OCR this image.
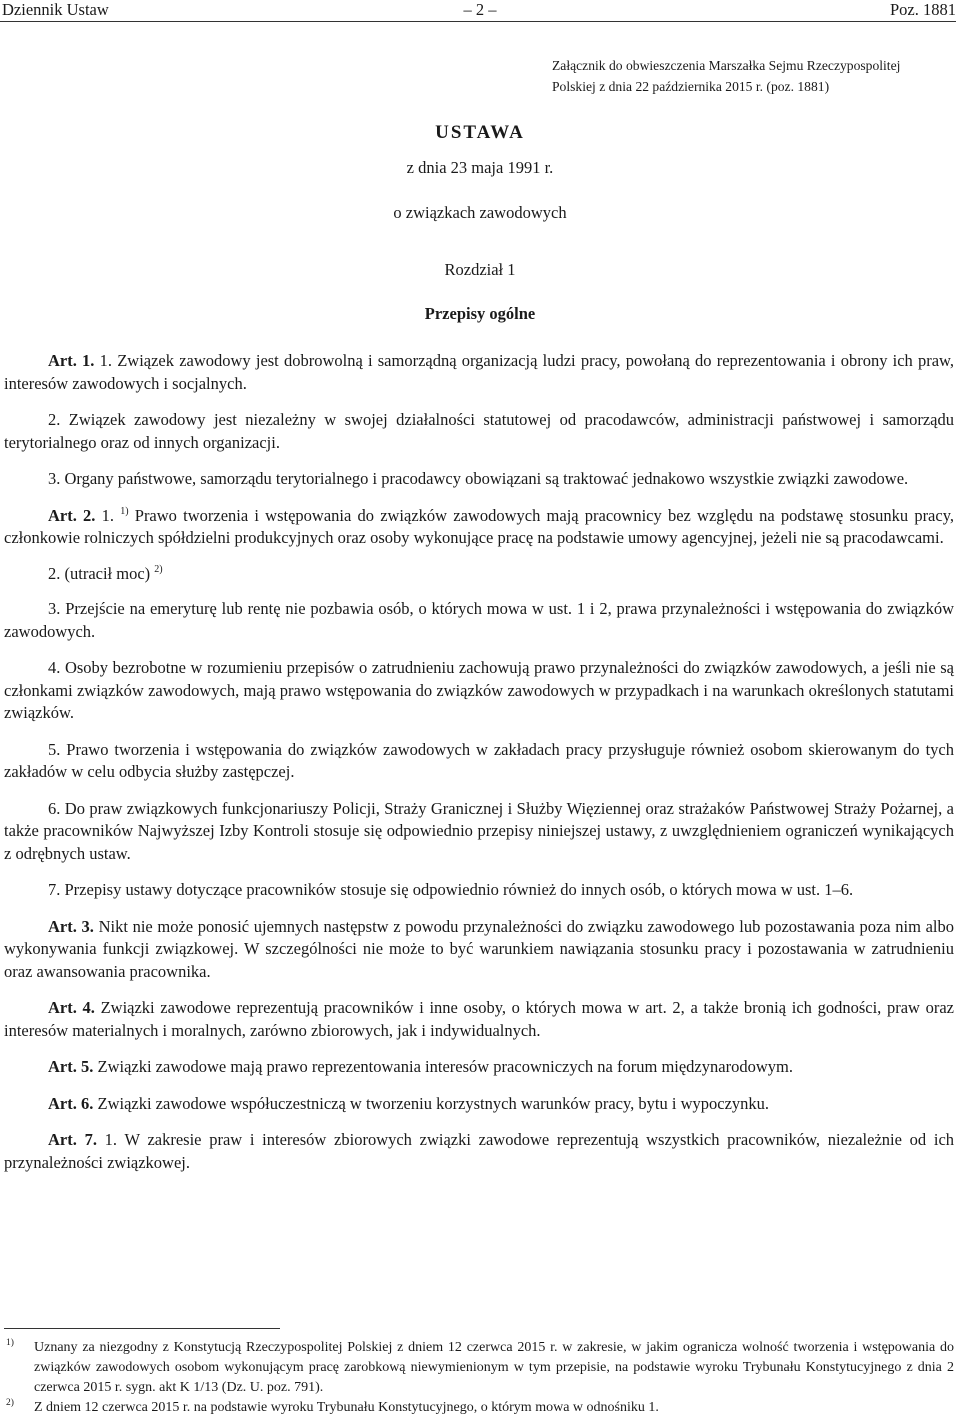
Dziennik Ustaw	– 2 –	Poz. 1881
Załącznik do obwieszczenia Marszałka Sejmu Rzeczypospolitej
Polskiej z dnia 22 października 2015 r. (poz. 1881)
USTAWA
z dnia 23 maja 1991 r.
o związkach zawodowych
Rozdział 1
Przepisy ogólne

Art. 1. 1. Związek zawodowy jest dobrowolną i samorządną organizacją ludzi pracy, powołaną do reprezentowania i obrony ich praw, interesów zawodowych i socjalnych.

2. Związek zawodowy jest niezależny w swojej działalności statutowej od pracodawców, administracji państwowej i samorządu terytorialnego oraz od innych organizacji.

3. Organy państwowe, samorządu terytorialnego i pracodawcy obowiązani są traktować jednakowo wszystkie związki zawodowe.

Art. 2. 1. $^{1)}$ Prawo tworzenia i wstępowania do związków zawodowych mają pracownicy bez względu na podstawę stosunku pracy, członkowie rolniczych spółdzielni produkcyjnych oraz osoby wykonujące pracę na podstawie umowy agencyjnej, jeżeli nie są pracodawcami.

2. (utracił moc) $^{2)}$

3. Przejście na emeryturę lub rentę nie pozbawia osób, o których mowa w ust. 1 i 2, prawa przynależności i wstępowania do związków zawodowych.

4. Osoby bezrobotne w rozumieniu przepisów o zatrudnieniu zachowują prawo przynależności do związków zawodowych, a jeśli nie są członkami związków zawodowych, mają prawo wstępowania do związków zawodowych w przypadkach i na warunkach określonych statutami związków.

5. Prawo tworzenia i wstępowania do związków zawodowych w zakładach pracy przysługuje również osobom skierowanym do tych zakładów w celu odbycia służby zastępczej.

6. Do praw związkowych funkcjonariuszy Policji, Straży Granicznej i Służby Więziennej oraz strażaków Państwowej Straży Pożarnej, a także pracowników Najwyższej Izby Kontroli stosuje się odpowiednio przepisy niniejszej ustawy, z uwzględnieniem ograniczeń wynikających z odrębnych ustaw.

7. Przepisy ustawy dotyczące pracowników stosuje się odpowiednio również do innych osób, o których mowa w ust. 1–6.

Art. 3. Nikt nie może ponosić ujemnych następstw z powodu przynależności do związku zawodowego lub pozostawania poza nim albo wykonywania funkcji związkowej. W szczególności nie może to być warunkiem nawiązania stosunku pracy i pozostawania w zatrudnieniu oraz awansowania pracownika.

Art. 4. Związki zawodowe reprezentują pracowników i inne osoby, o których mowa w art. 2, a także bronią ich godności, praw oraz interesów materialnych i moralnych, zarówno zbiorowych, jak i indywidualnych.

Art. 5. Związki zawodowe mają prawo reprezentowania interesów pracowniczych na forum międzynarodowym.

Art. 6. Związki zawodowe współuczestniczą w tworzeniu korzystnych warunków pracy, bytu i wypoczynku.

Art. 7. 1. W zakresie praw i interesów zbiorowych związki zawodowe reprezentują wszystkich pracowników, niezależnie od ich przynależności związkowej.

1) Uznany za niezgodny z Konstytucją Rzeczypospolitej Polskiej z dniem 12 czerwca 2015 r. w zakresie, w jakim ogranicza wolność tworzenia i wstępowania do związków zawodowych osobom wykonującym pracę zarobkową niewymienionym w tym przepisie, na podstawie wyroku Trybunału Konstytucyjnego z dnia 2 czerwca 2015 r. sygn. akt K 1/13 (Dz. U. poz. 791).
2) Z dniem 12 czerwca 2015 r. na podstawie wyroku Trybunału Konstytucyjnego, o którym mowa w odnośniku 1.
